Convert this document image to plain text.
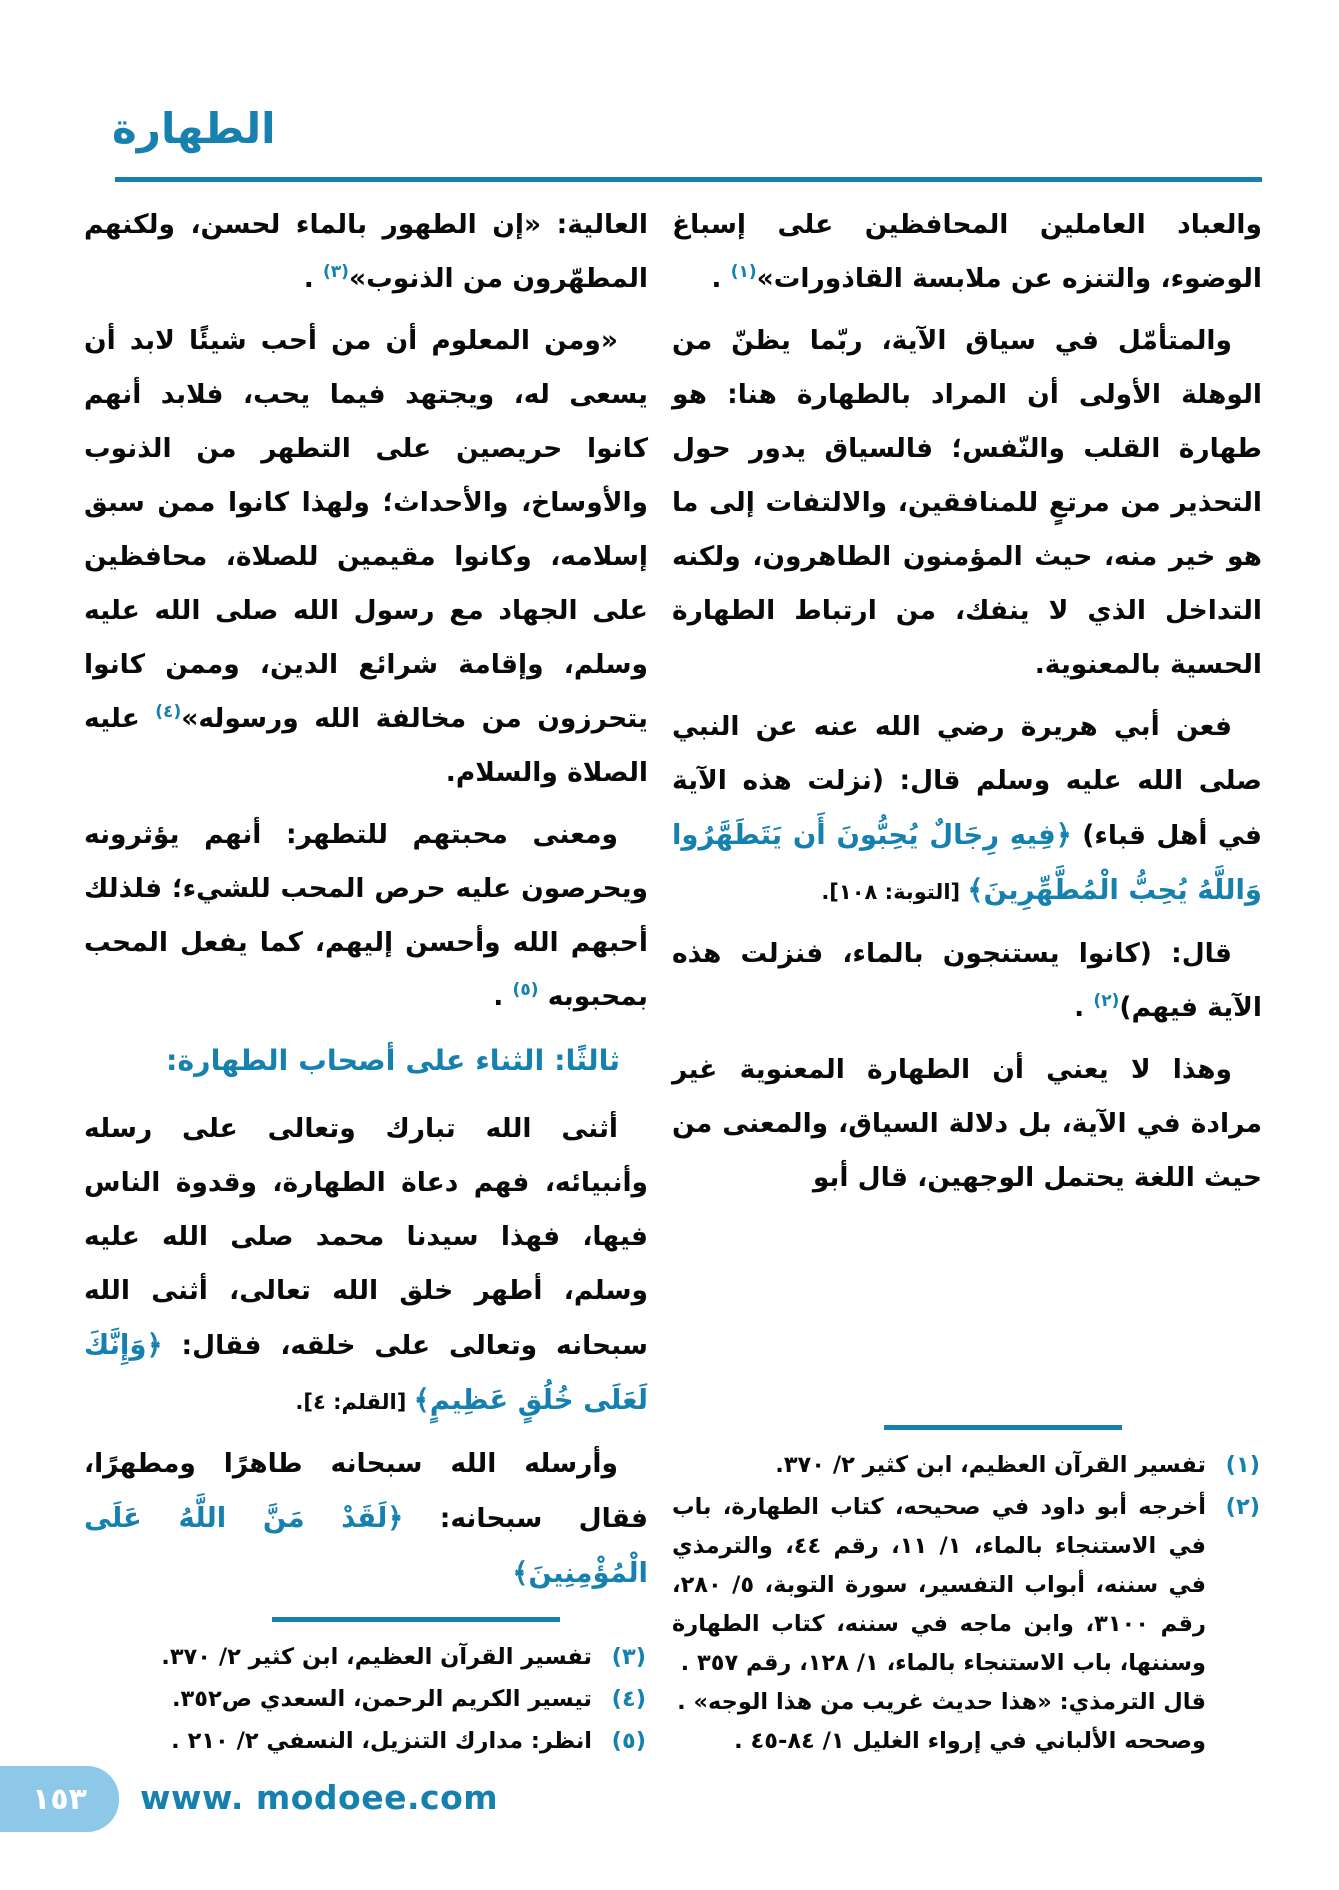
الطهارة

والعباد العاملين المحافظين على إسباغ الوضوء، والتنزه عن ملابسة القاذورات»$^{(١)}$ .

والمتأمّل في سياق الآية، ربّما يظنّ من الوهلة الأولى أن المراد بالطهارة هنا: هو طهارة القلب والنّفس؛ فالسياق يدور حول التحذير من مرتعٍ للمنافقين، والالتفات إلى ما هو خير منه، حيث المؤمنون الطاهرون، ولكنه التداخل الذي لا ينفك، من ارتباط الطهارة الحسية بالمعنوية.

فعن أبي هريرة رضي الله عنه عن النبي صلى الله عليه وسلم قال: (نزلت هذه الآية في أهل قباء) ﴿فِيهِ رِجَالٌ يُحِبُّونَ أَن يَتَطَهَّرُوا وَاللَّهُ يُحِبُّ الْمُطَّهِّرِينَ﴾ [التوبة: ١٠٨].

قال: (كانوا يستنجون بالماء، فنزلت هذه الآية فيهم)$^{(٢)}$ .

وهذا لا يعني أن الطهارة المعنوية غير مرادة في الآية، بل دلالة السياق، والمعنى من حيث اللغة يحتمل الوجهين، قال أبو

(١)
تفسير القرآن العظيم، ابن كثير ٢/ ٣٧٠.
(٢)
أخرجه أبو داود في صحيحه، كتاب الطهارة، باب في الاستنجاء بالماء، ١/ ١١، رقم ٤٤، والترمذي في سننه، أبواب التفسير، سورة التوبة، ٥/ ٢٨٠، رقم ٣١٠٠، وابن ماجه في سننه، كتاب الطهارة وسننها، باب الاستنجاء بالماء، ١/ ١٢٨، رقم ٣٥٧ .
قال الترمذي: «هذا حديث غريب من هذا الوجه» .
وصححه الألباني في إرواء الغليل ١/ ٨٤-٤٥ .

العالية: «إن الطهور بالماء لحسن، ولكنهم المطهّرون من الذنوب»$^{(٣)}$ .

«ومن المعلوم أن من أحب شيئًا لابد أن يسعى له، ويجتهد فيما يحب، فلابد أنهم كانوا حريصين على التطهر من الذنوب والأوساخ، والأحداث؛ ولهذا كانوا ممن سبق إسلامه، وكانوا مقيمين للصلاة، محافظين على الجهاد مع رسول الله صلى الله عليه وسلم، وإقامة شرائع الدين، وممن كانوا يتحرزون من مخالفة الله ورسوله»$^{(٤)}$ عليه الصلاة والسلام.

ومعنى محبتهم للتطهر: أنهم يؤثرونه ويحرصون عليه حرص المحب للشيء؛ فلذلك أحبهم الله وأحسن إليهم، كما يفعل المحب بمحبوبه $^{(٥)}$ .

ثالثًا: الثناء على أصحاب الطهارة:

أثنى الله تبارك وتعالى على رسله وأنبيائه، فهم دعاة الطهارة، وقدوة الناس فيها، فهذا سيدنا محمد صلى الله عليه وسلم، أطهر خلق الله تعالى، أثنى الله سبحانه وتعالى على خلقه، فقال: ﴿وَإِنَّكَ لَعَلَى خُلُقٍ عَظِيمٍ﴾ [القلم: ٤].

وأرسله الله سبحانه طاهرًا ومطهرًا، فقال سبحانه: ﴿لَقَدْ مَنَّ اللَّهُ عَلَى الْمُؤْمِنِينَ﴾

(٣)
تفسير القرآن العظيم، ابن كثير ٢/ ٣٧٠.
(٤)
تيسير الكريم الرحمن، السعدي ص٣٥٢.
(٥)
انظر: مدارك التنزيل، النسفي ٢/ ٢١٠ .
١٥٣ www. modoee.com
